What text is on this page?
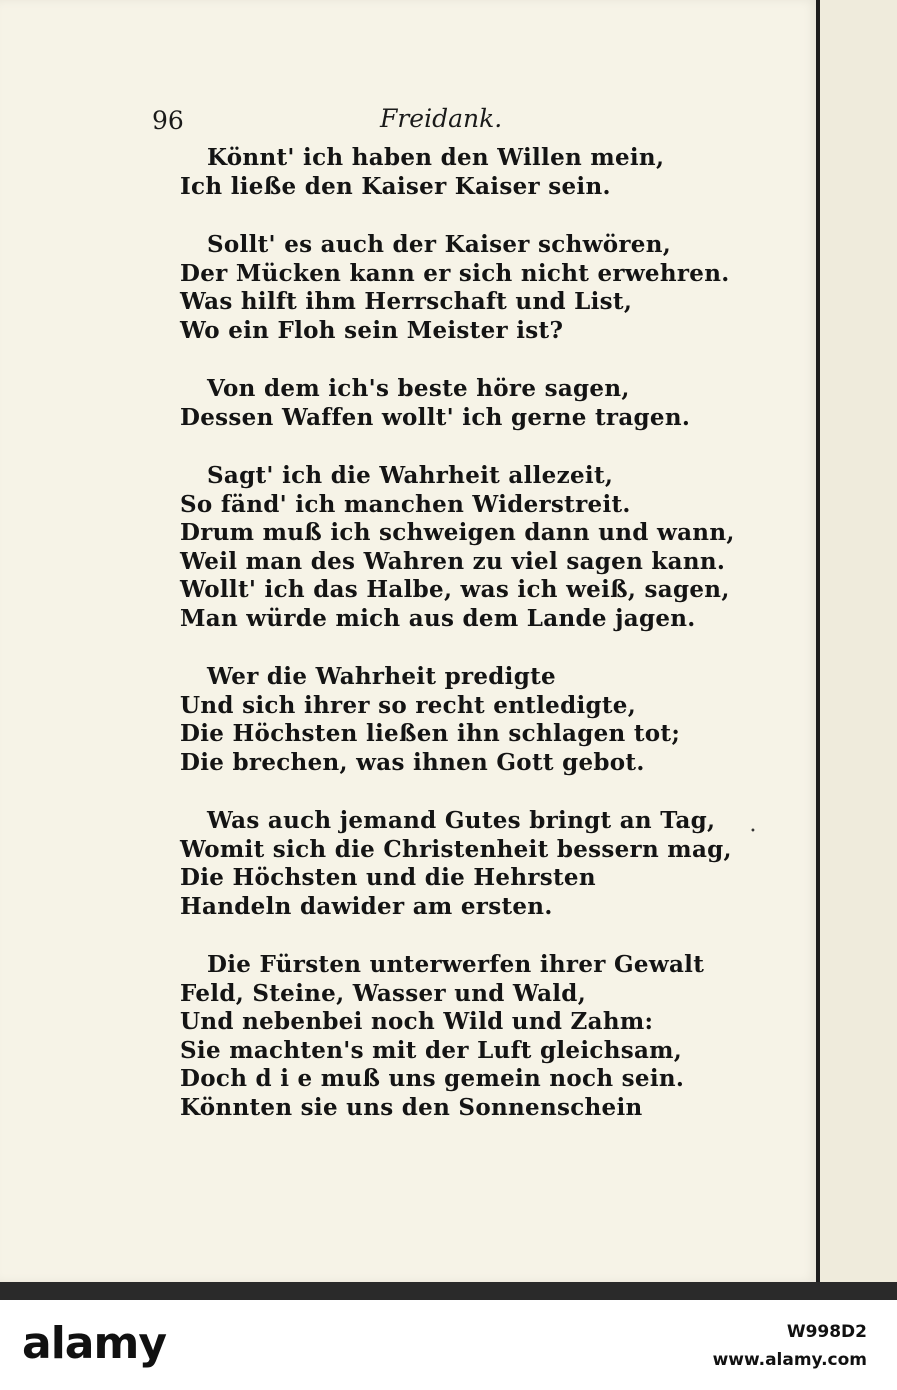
96	Freidank.
Könnt' ich haben den Willen mein,
Ich ließe den Kaiser Kaiser sein.
Sollt' es auch der Kaiser schwören,
Der Mücken kann er sich nicht erwehren.
Was hilft ihm Herrschaft und List,
Wo ein Floh sein Meister ist?
Von dem ich's beste höre sagen,
Dessen Waffen wollt' ich gerne tragen.
Sagt' ich die Wahrheit allezeit,
So fänd' ich manchen Widerstreit.
Drum muß ich schweigen dann und wann,
Weil man des Wahren zu viel sagen kann.
Wollt' ich das Halbe, was ich weiß, sagen,
Man würde mich aus dem Lande jagen.
Wer die Wahrheit predigte
Und sich ihrer so recht entledigte,
Die Höchsten ließen ihn schlagen tot;
Die brechen, was ihnen Gott gebot.
Was auch jemand Gutes bringt an Tag,
Womit sich die Christenheit bessern mag,
Die Höchsten und die Hehrsten
Handeln dawider am ersten.
Die Fürsten unterwerfen ihrer Gewalt
Feld, Steine, Wasser und Wald,
Und nebenbei noch Wild und Zahm:
Sie machten's mit der Luft gleichsam,
Doch d i e muß uns gemein noch sein.
Könnten sie uns den Sonnenschein
•
alamy	W998D2
www.alamy.com
